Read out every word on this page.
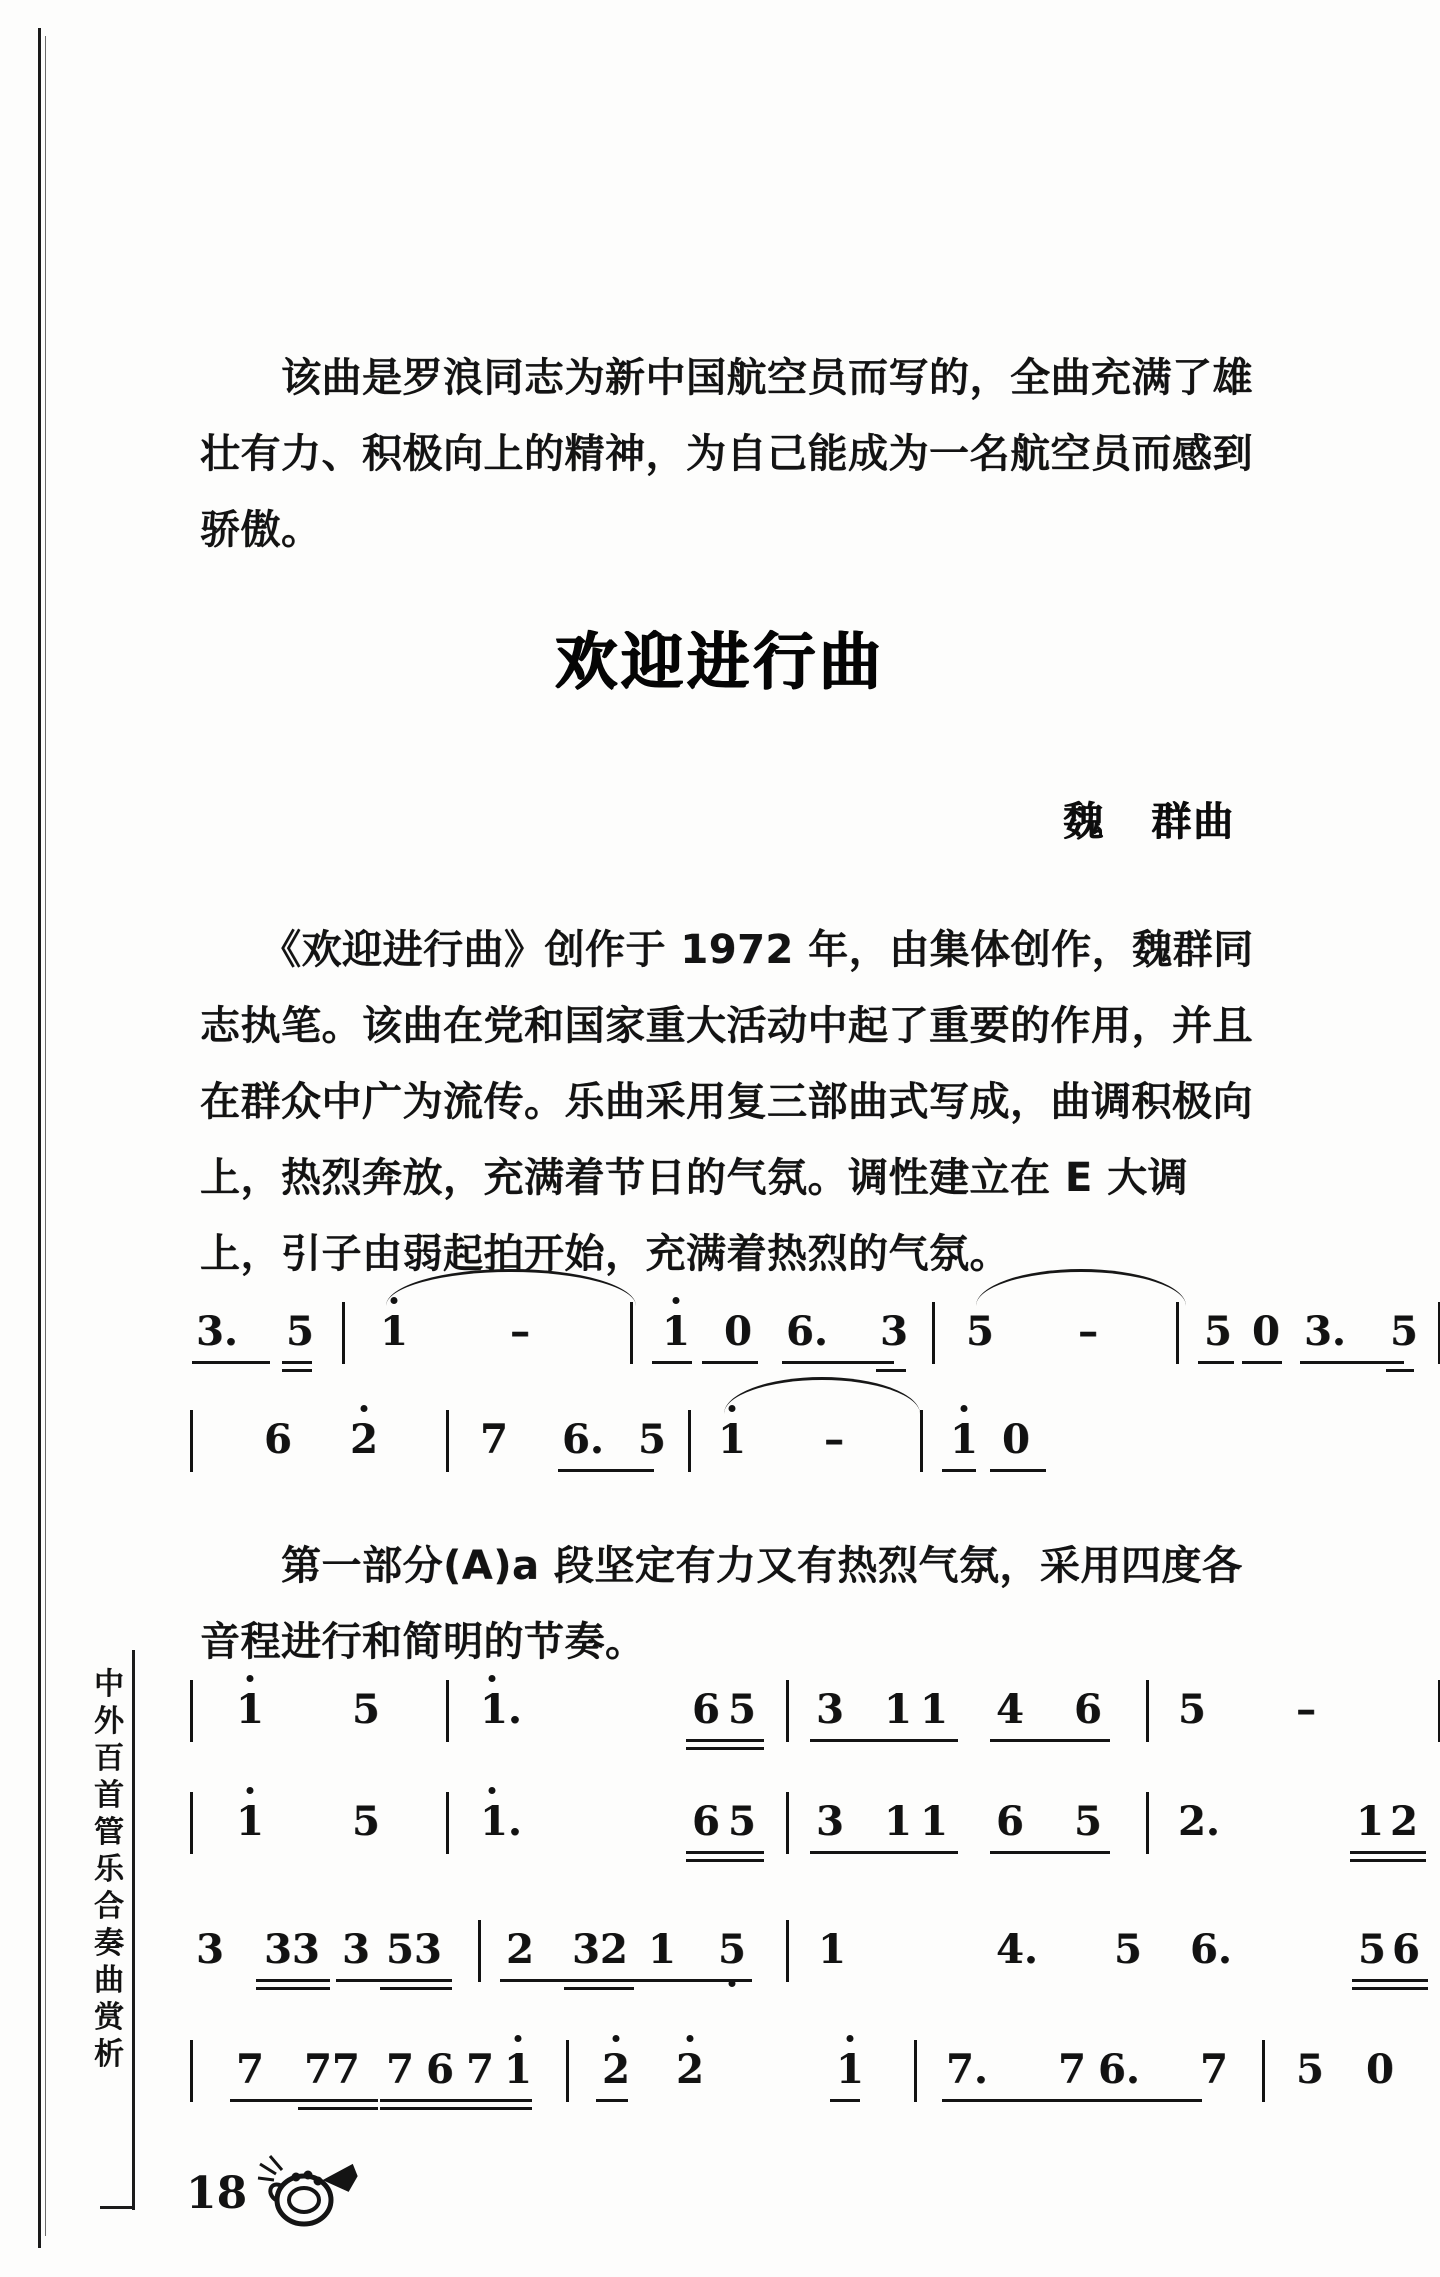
中
外
百
首
管
乐
合
奏
曲
赏
析
　　该曲是罗浪同志为新中国航空员而写的，全曲充满了雄壮有力、积极向上的精神，为自己能成为一名航空员而感到骄傲。
欢迎进行曲
魏 群曲
　　《欢迎进行曲》创作于 1972 年，由集体创作，魏群同志执笔。该曲在党和国家重大活动中起了重要的作用，并且在群众中广为流传。乐曲采用复三部曲式写成，曲调积极向上，热烈奔放，充满着节日的气氛。调性建立在 E 大调上，引子由弱起拍开始，充满着热烈的气氛。
3. 5 1	–	1 0 6. 3 5 –	5 0 3. 5
6 2	7 6. 5 1 –	1 0
　　第一部分(A)a 段坚定有力又有热烈气氛，采用四度各音程进行和简明的节奏。
1 5	1.	6 5 3 1 1 4 6 5 –
1 5	1.	6 5 3 1 1 6 5 2.	1 2
3 33 3 53 2 32 1 5 1	4. 5 6.	5 6
7 77 7 6 7 1 2 2	1 7. 7 6. 7 5 0
18
